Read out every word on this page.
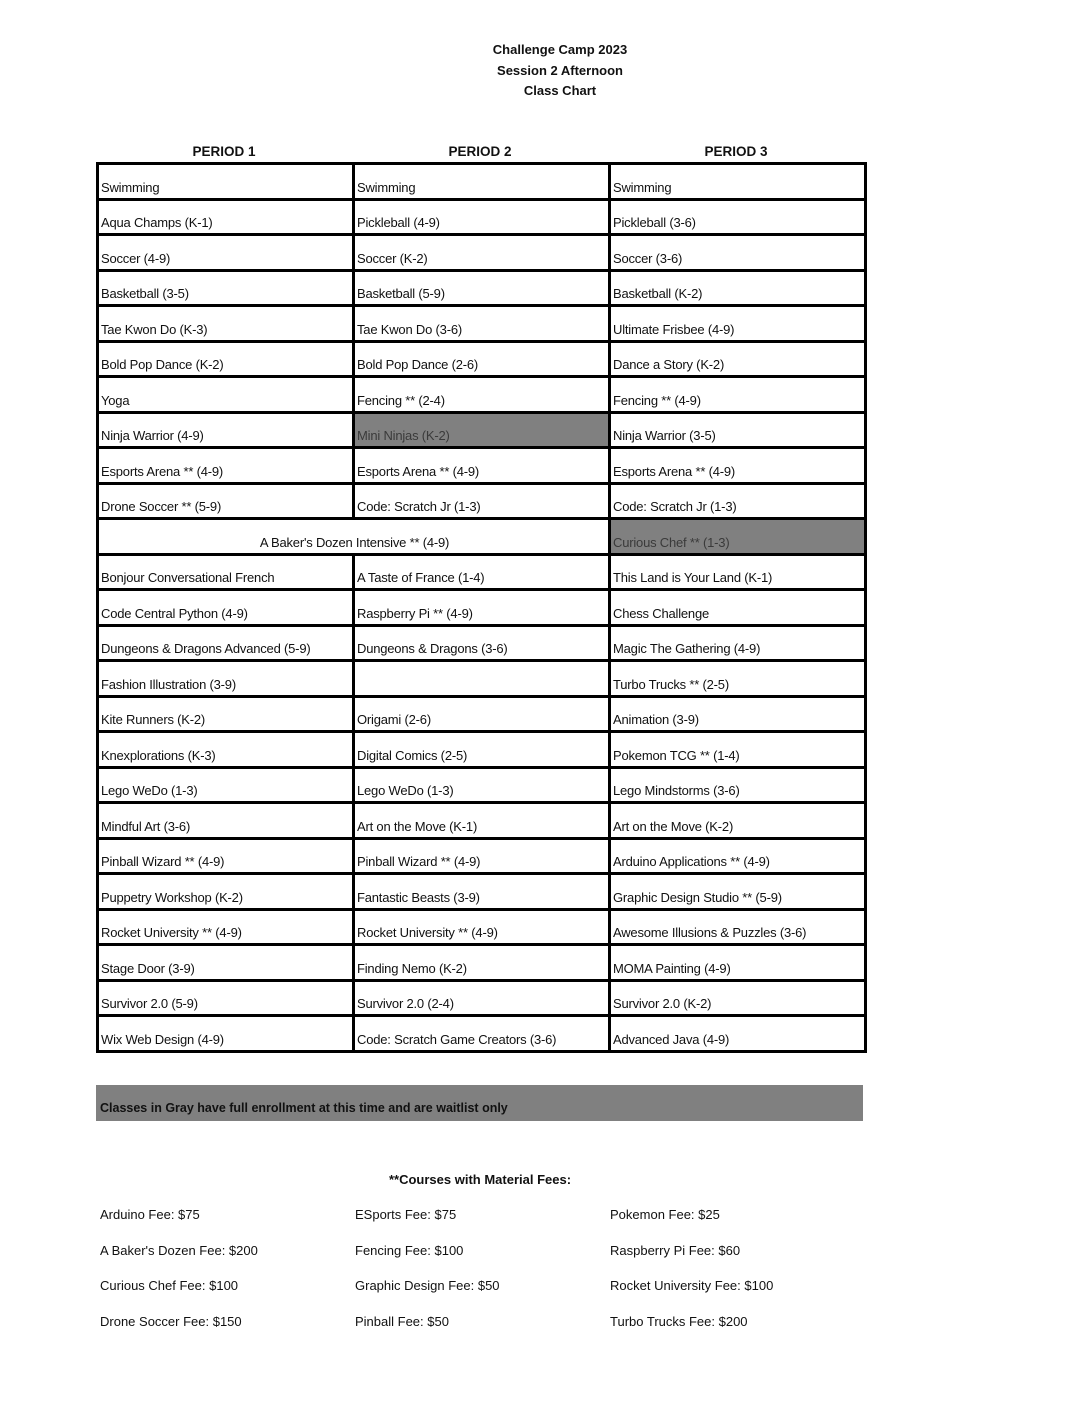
Challenge Camp 2023
Session 2 Afternoon
Class Chart
PERIOD 1	PERIOD 2	PERIOD 3
Swimming	Swimming	Swimming
Aqua Champs (K-1)	Pickleball (4-9)	Pickleball (3-6)
Soccer (4-9)	Soccer (K-2)	Soccer (3-6)
Basketball (3-5)	Basketball (5-9)	Basketball (K-2)
Tae Kwon Do (K-3)	Tae Kwon Do (3-6)	Ultimate Frisbee (4-9)
Bold Pop Dance (K-2)	Bold Pop Dance (2-6)	Dance a Story (K-2)
Yoga	Fencing ** (2-4)	Fencing ** (4-9)
Ninja Warrior (4-9)	Mini Ninjas (K-2)	Ninja Warrior (3-5)
Esports Arena ** (4-9)	Esports Arena ** (4-9)	Esports Arena ** (4-9)
Drone Soccer ** (5-9)	Code: Scratch Jr (1-3)	Code: Scratch Jr (1-3)
A Baker's Dozen Intensive ** (4-9)		Curious Chef ** (1-3)
Bonjour Conversational French	A Taste of France (1-4)	This Land is Your Land (K-1)
Code Central Python (4-9)	Raspberry Pi ** (4-9)	Chess Challenge
Dungeons & Dragons Advanced (5-9)	Dungeons & Dragons (3-6)	Magic The Gathering (4-9)
Fashion Illustration (3-9)		Turbo Trucks ** (2-5)
Kite Runners (K-2)	Origami (2-6)	Animation (3-9)
Knexplorations (K-3)	Digital Comics (2-5)	Pokemon TCG ** (1-4)
Lego WeDo (1-3)	Lego WeDo (1-3)	Lego Mindstorms (3-6)
Mindful Art (3-6)	Art on the Move (K-1)	Art on the Move (K-2)
Pinball Wizard ** (4-9)	Pinball Wizard ** (4-9)	Arduino Applications ** (4-9)
Puppetry Workshop (K-2)	Fantastic Beasts (3-9)	Graphic Design Studio ** (5-9)
Rocket University ** (4-9)	Rocket University ** (4-9)	Awesome Illusions & Puzzles (3-6)
Stage Door (3-9)	Finding Nemo (K-2)	MOMA Painting (4-9)
Survivor 2.0 (5-9)	Survivor 2.0 (2-4)	Survivor 2.0 (K-2)
Wix Web Design (4-9)	Code: Scratch Game Creators (3-6)	Advanced Java (4-9)
Classes in Gray have full enrollment at this time and are waitlist only
**Courses with Material Fees:
Arduino Fee: $75	ESports Fee: $75	Pokemon Fee: $25
A Baker's Dozen Fee: $200	Fencing Fee: $100	Raspberry Pi Fee: $60
Curious Chef Fee: $100	Graphic Design Fee: $50	Rocket University Fee: $100
Drone Soccer Fee: $150	Pinball Fee: $50	Turbo Trucks Fee: $200
